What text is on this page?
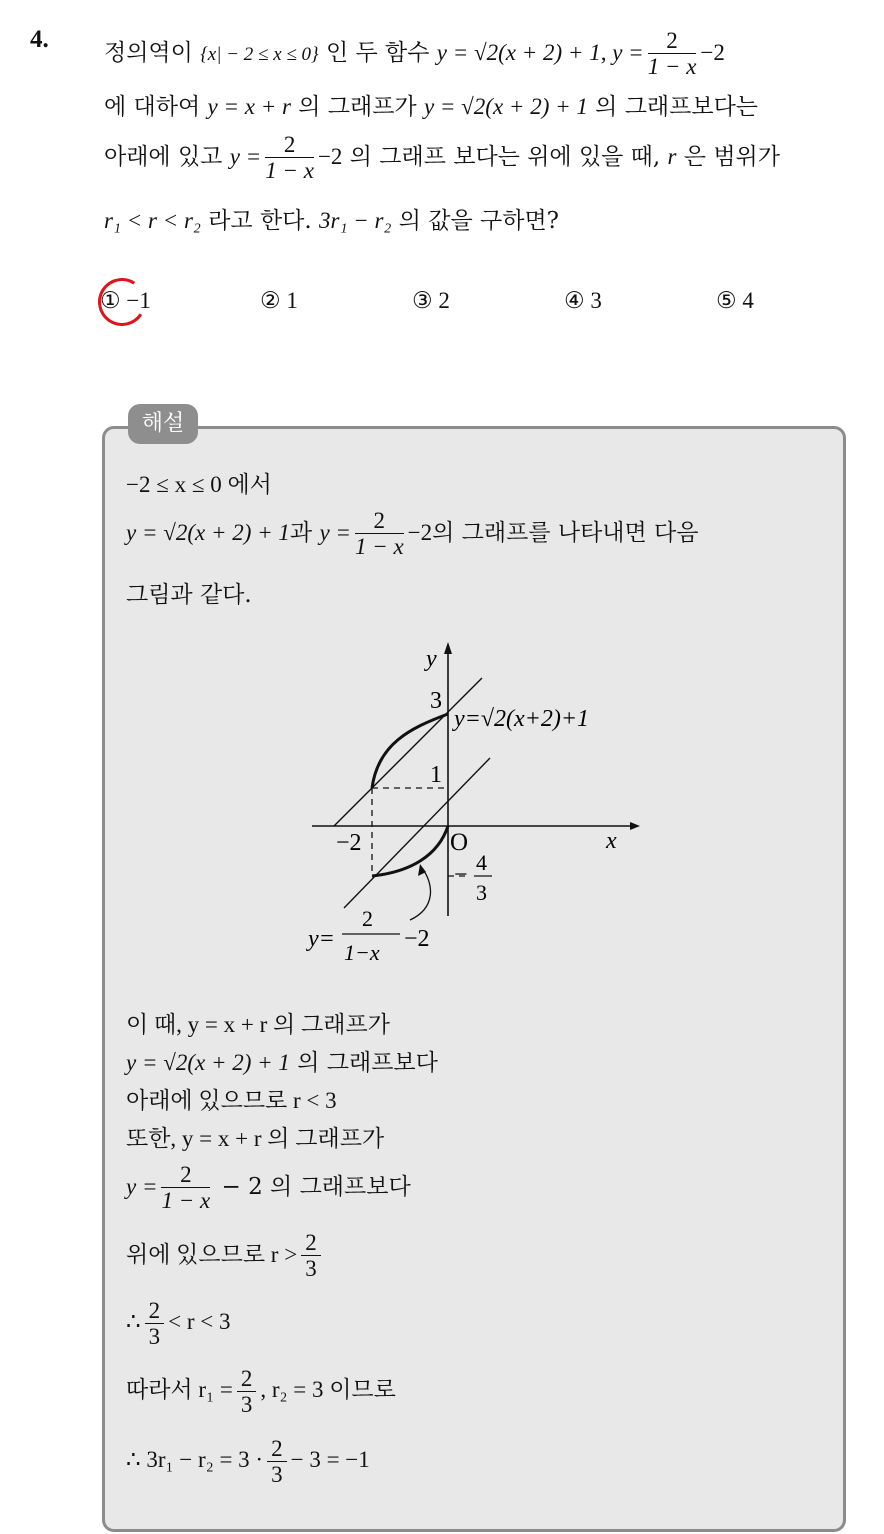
4. 정의역이 {x| − 2 ≤ x ≤ 0} 인 두 함수 y = √2(x + 2) + 1, $y = \frac{2}{1 - x} -2$
에 대하여 y = x + r 의 그래프가 y = √2(x + 2) + 1 의 그래프보다는
아래에 있고 $y = \frac{2}{1 - x} -2$ 의 그래프 보다는 위에 있을 때, r 은 범위가
r₁ < r < r₂ 라고 한다. 3r₁ − r₂ 의 값을 구하면?
① −1	② 1	③ 2	④ 3	⑤ 4
해설
−2 ≤ x ≤ 0 에서
y = √2(x + 2) + 1과 $y = \frac{2}{1 - x} -2$의 그래프를 나타내면 다음
그림과 같다.
y
x
O
3
1
−2
− 4
3
y=√2(x+2)+1
y=
2
1−x
−2
이 때, y = x + r 의 그래프가
y = √2(x + 2) + 1 의 그래프보다
아래에 있으므로 r < 3
또한, y = x + r 의 그래프가
$y = \frac{2}{1 - x} - 2$ 의 그래프보다
위에 있으므로 $r > \frac{2}{3}$
∴ $\frac{2}{3} < r < 3$
따라서 $r_1 = \frac{2}{3}$ , r₂ = 3 이므로
∴ $3r_1 - r_2 = 3 \cdot \frac{2}{3} - 3 = -1$
